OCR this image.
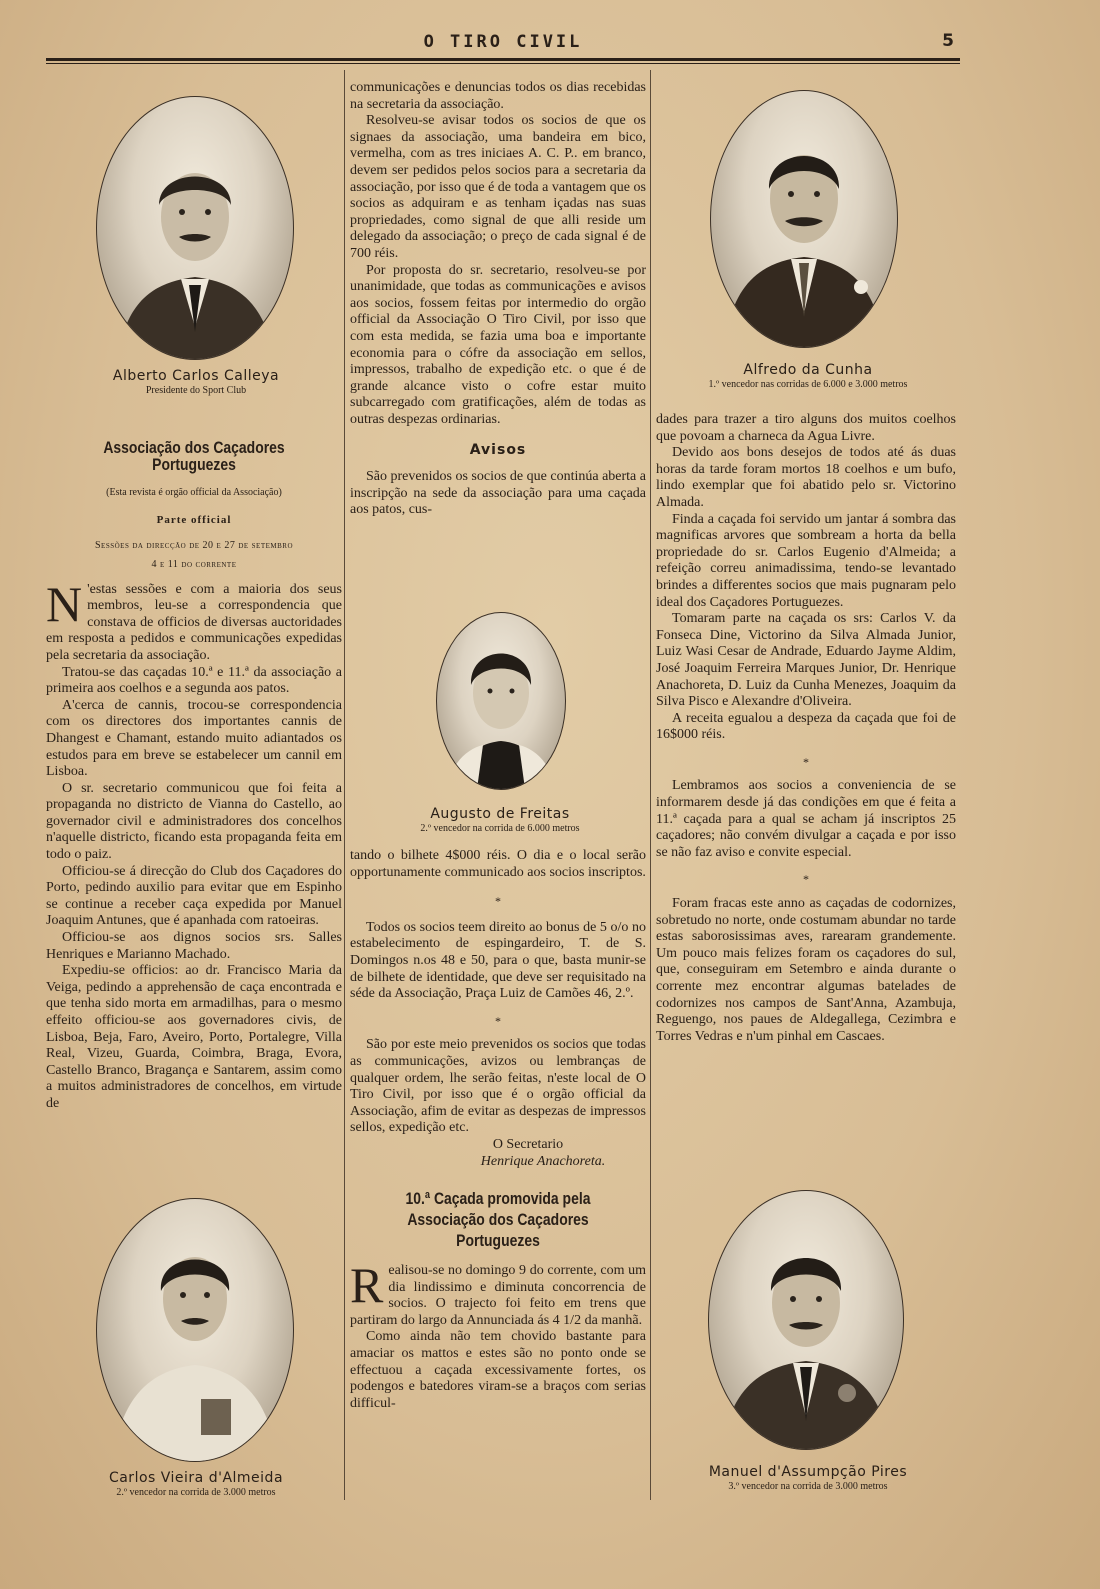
O TIRO CIVIL	5
Alberto Carlos Calleya
Presidente do Sport Club
Associação dos Caçadores Portuguezes

(Esta revista é orgão official da Associação)

Parte official

Sessões da direcção de 20 e 27 de setembro

4 e 11 do corrente

N 'estas sessões e com a maioria dos seus membros, leu-se a correspondencia que constava de officios de diversas auctoridades em resposta a pedidos e communicações expedidas pela secretaria da associação.

Tratou-se das caçadas 10.ª e 11.ª da associação a primeira aos coelhos e a segunda aos patos.

A'cerca de cannis, trocou-se correspondencia com os directores dos importantes cannis de Dhangest e Chamant, estando muito adiantados os estudos para em breve se estabelecer um cannil em Lisboa.

O sr. secretario communicou que foi feita a propaganda no districto de Vianna do Castello, ao governador civil e administradores dos concelhos n'aquelle districto, ficando esta propaganda feita em todo o paiz.

Officiou-se á direcção do Club dos Caçadores do Porto, pedindo auxilio para evitar que em Espinho se continue a receber caça expedida por Manuel Joaquim Antunes, que é apanhada com ratoeiras.

Officiou-se aos dignos socios srs. Salles Henriques e Marianno Machado.

Expediu-se officios: ao dr. Francisco Maria da Veiga, pedindo a apprehensão de caça encontrada e que tenha sido morta em armadilhas, para o mesmo effeito officiou-se aos governadores civis, de Lisboa, Beja, Faro, Aveiro, Porto, Portalegre, Villa Real, Vizeu, Guarda, Coimbra, Braga, Evora, Castello Branco, Bragança e Santarem, assim como a muitos administradores de concelhos, em virtude de

Carlos Vieira d'Almeida
2.º vencedor na corrida de 3.000 metros

communicações e denuncias todos os dias recebidas na secretaria da associação.

Resolveu-se avisar todos os socios de que os signaes da associação, uma bandeira em bico, vermelha, com as tres iniciaes A. C. P.. em branco, devem ser pedidos pelos socios para a secretaria da associação, por isso que é de toda a vantagem que os socios as adquiram e as tenham içadas nas suas propriedades, como signal de que alli reside um delegado da associação; o preço de cada signal é de 700 réis.

Por proposta do sr. secretario, resolveu-se por unanimidade, que todas as communicações e avisos aos socios, fossem feitas por intermedio do orgão official da Associação O Tiro Civil, por isso que com esta medida, se fazia uma boa e importante economia para o cófre da associação em sellos, impressos, trabalho de expedição etc. o que é de grande alcance visto o cofre estar muito subcarregado com gratificações, além de todas as outras despezas ordinarias.

Avisos

São prevenidos os socios de que continúa aberta a inscripção na sede da associação para uma caçada aos patos, cus-

Augusto de Freitas
2.º vencedor na corrida de 6.000 metros

tando o bilhete 4$000 réis. O dia e o local serão opportunamente communicado aos socios inscriptos.

*

Todos os socios teem direito ao bonus de 5 o/o no estabelecimento de espingardeiro, T. de S. Domingos n.os 48 e 50, para o que, basta munir-se de bilhete de identidade, que deve ser requisitado na séde da Associação, Praça Luiz de Camões 46, 2.º.

*

São por este meio prevenidos os socios que todas as communicações, avizos ou lembranças de qualquer ordem, lhe serão feitas, n'este local de O Tiro Civil, por isso que é o orgão official da Associação, afim de evitar as despezas de impressos sellos, expedição etc.

O Secretario

Henrique Anachoreta.

10.ª Caçada promovida pela Associação dos Caçadores Portuguezes

Realisou-se no domingo 9 do corrente, com um dia lindissimo e diminuta concorrencia de socios. O trajecto foi feito em trens que partiram do largo da Annunciada ás 4 1/2 da manhã.

Como ainda não tem chovido bastante para amaciar os mattos e estes são no ponto onde se effectuou a caçada excessivamente fortes, os podengos e batedores viram-se a braços com serias difficul-

Alfredo da Cunha
1.º vencedor nas corridas de 6.000 e 3.000 metros

dades para trazer a tiro alguns dos muitos coelhos que povoam a charneca da Agua Livre.

Devido aos bons desejos de todos até ás duas horas da tarde foram mortos 18 coelhos e um bufo, lindo exemplar que foi abatido pelo sr. Victorino Almada.

Finda a caçada foi servido um jantar á sombra das magnificas arvores que sombream a horta da bella propriedade do sr. Carlos Eugenio d'Almeida; a refeição correu animadissima, tendo-se levantado brindes a differentes socios que mais pugnaram pelo ideal dos Caçadores Portuguezes.

Tomaram parte na caçada os srs: Carlos V. da Fonseca Dine, Victorino da Silva Almada Junior, Luiz Wasi Cesar de Andrade, Eduardo Jayme Aldim, José Joaquim Ferreira Marques Junior, Dr. Henrique Anachoreta, D. Luiz da Cunha Menezes, Joaquim da Silva Pisco e Alexandre d'Oliveira.

A receita egualou a despeza da caçada que foi de 16$000 réis.

*

Lembramos aos socios a conveniencia de se informarem desde já das condições em que é feita a 11.ª caçada para a qual se acham já inscriptos 25 caçadores; não convém divulgar a caçada e por isso se não faz aviso e convite especial.

*

Foram fracas este anno as caçadas de codornizes, sobretudo no norte, onde costumam abundar no tarde estas saborosissimas aves, rarearam grandemente. Um pouco mais felizes foram os caçadores do sul, que, conseguiram em Setembro e ainda durante o corrente mez encontrar algumas batelades de codornizes nos campos de Sant'Anna, Azambuja, Reguengo, nos paues de Aldegallega, Cezimbra e Torres Vedras e n'um pinhal em Cascaes.

Manuel d'Assumpção Pires
3.º vencedor na corrida de 3.000 metros
